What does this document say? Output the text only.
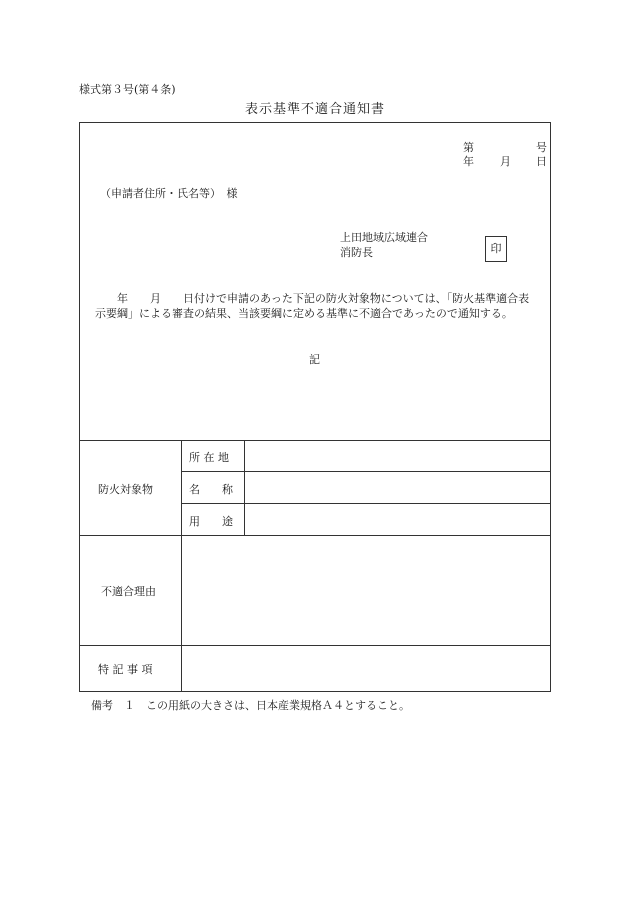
様式第３号(第４条)
表示基準不適合通知書
第	号
年 月 日
（申請者住所・氏名等）　様
上田地域広域連合
消防長	印
　　年　　月　　日付けで申請のあった下記の防火対象物については、「防火基準適合表示要綱」による審査の結果、当該要綱に定める基準に不適合であったので通知する。
記
防火対象物
所 在 地
名　　称
用　　途
不適合理由
特 記 事 項
備考　１　この用紙の大きさは、日本産業規格Ａ４とすること。
